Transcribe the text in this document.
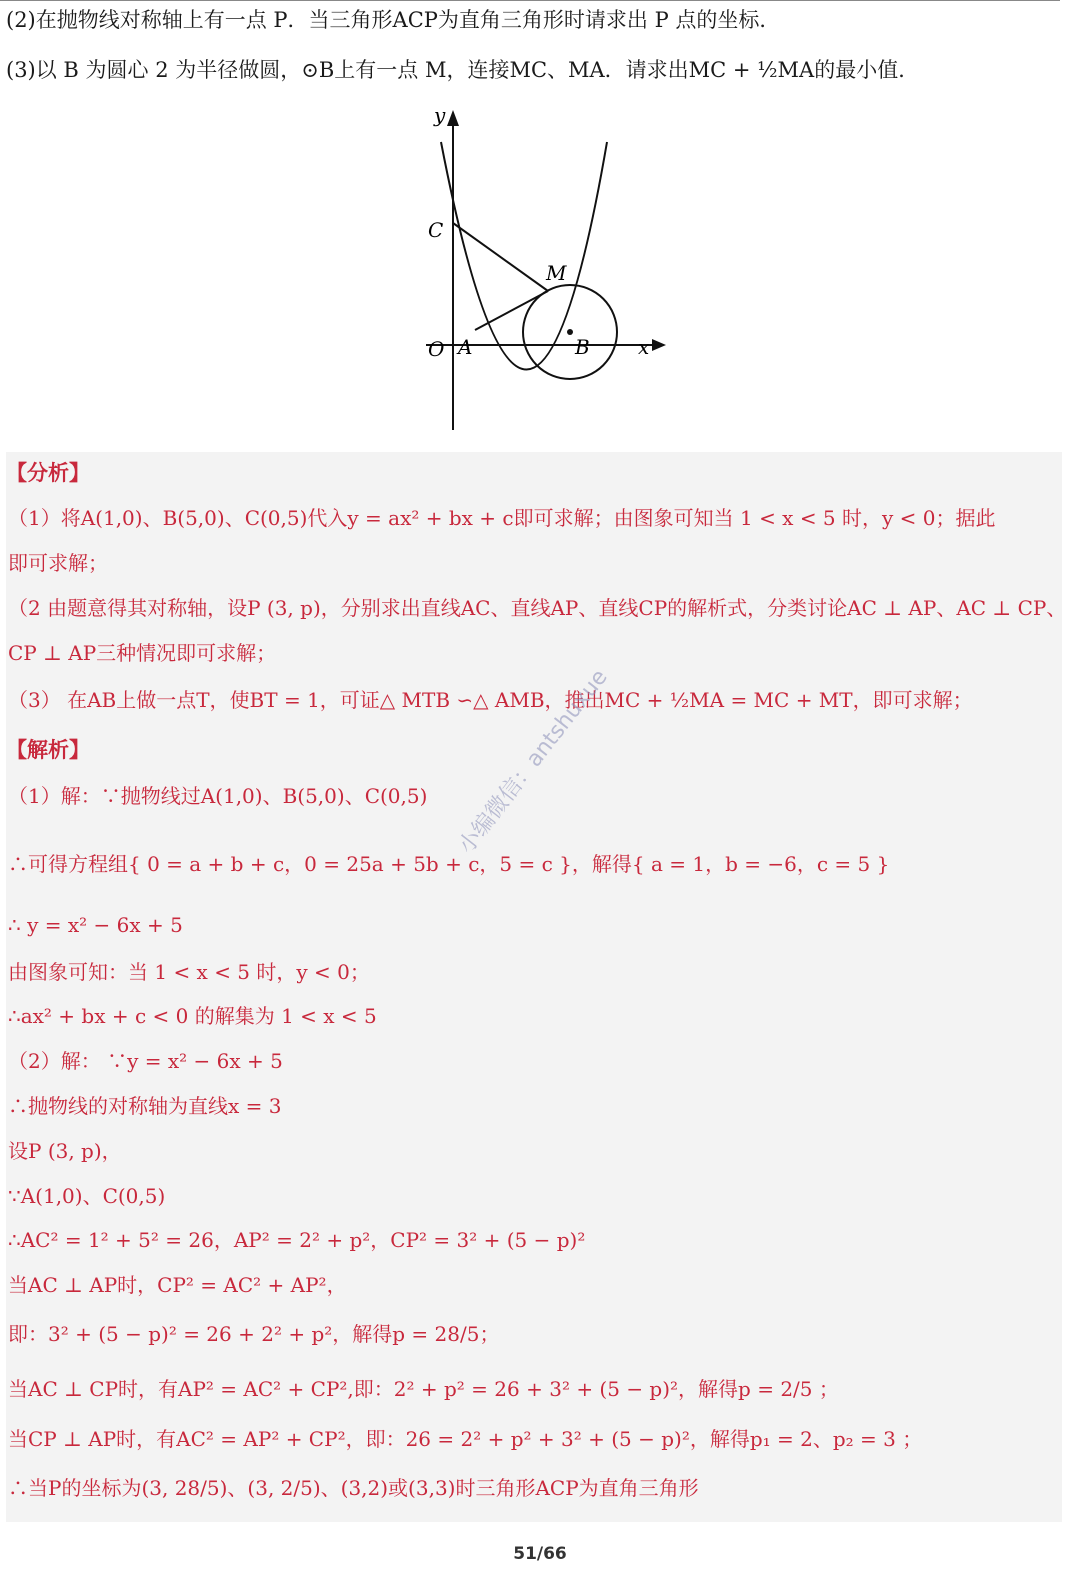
(2)在抛物线对称轴上有一点 P．当三角形ACP为直角三角形时请求出 P 点的坐标．
(3)以 B 为圆心 2 为半径做圆，⊙B上有一点 M，连接MC、MA．请求出MC + ½MA的最小值．
y
x
O A	B
C
M
【分析】
（1）将A(1,0)、B(5,0)、C(0,5)代入y = ax² + bx + c即可求解；由图象可知当 1 < x < 5 时，y < 0；据此
即可求解；
（2 由题意得其对称轴，设P (3, p)，分别求出直线AC、直线AP、直线CP的解析式，分类讨论AC ⊥ AP、AC ⊥ CP、
CP ⊥ AP三种情况即可求解；
（3） 在AB上做一点T，使BT = 1，可证△ MTB ∽△ AMB，推出MC + ½MA = MC + MT，即可求解；
【解析】
（1）解：∵抛物线过A(1,0)、B(5,0)、C(0,5)
∴可得方程组{ 0 = a + b + c，0 = 25a + 5b + c，5 = c }，解得{ a = 1，b = −6，c = 5 }
∴ y = x² − 6x + 5
由图象可知：当 1 < x < 5 时，y < 0；
∴ax² + bx + c < 0 的解集为 1 < x < 5
（2）解： ∵y = x² − 6x + 5
∴抛物线的对称轴为直线x = 3
设P (3, p)，
∵A(1,0)、C(0,5)
∴AC² = 1² + 5² = 26，AP² = 2² + p²，CP² = 3² + (5 − p)²
当AC ⊥ AP时，CP² = AC² + AP²，
即：3² + (5 − p)² = 26 + 2² + p²，解得p = 28/5；
当AC ⊥ CP时，有AP² = AC² + CP²,即：2² + p² = 26 + 3² + (5 − p)²，解得p = 2/5 ；
当CP ⊥ AP时，有AC² = AP² + CP²，即：26 = 2² + p² + 3² + (5 − p)²，解得p₁ = 2、p₂ = 3 ；
∴当P的坐标为(3, 28/5)、(3, 2/5)、(3,2)或(3,3)时三角形ACP为直角三角形
小编微信：antshuxue
51/66
